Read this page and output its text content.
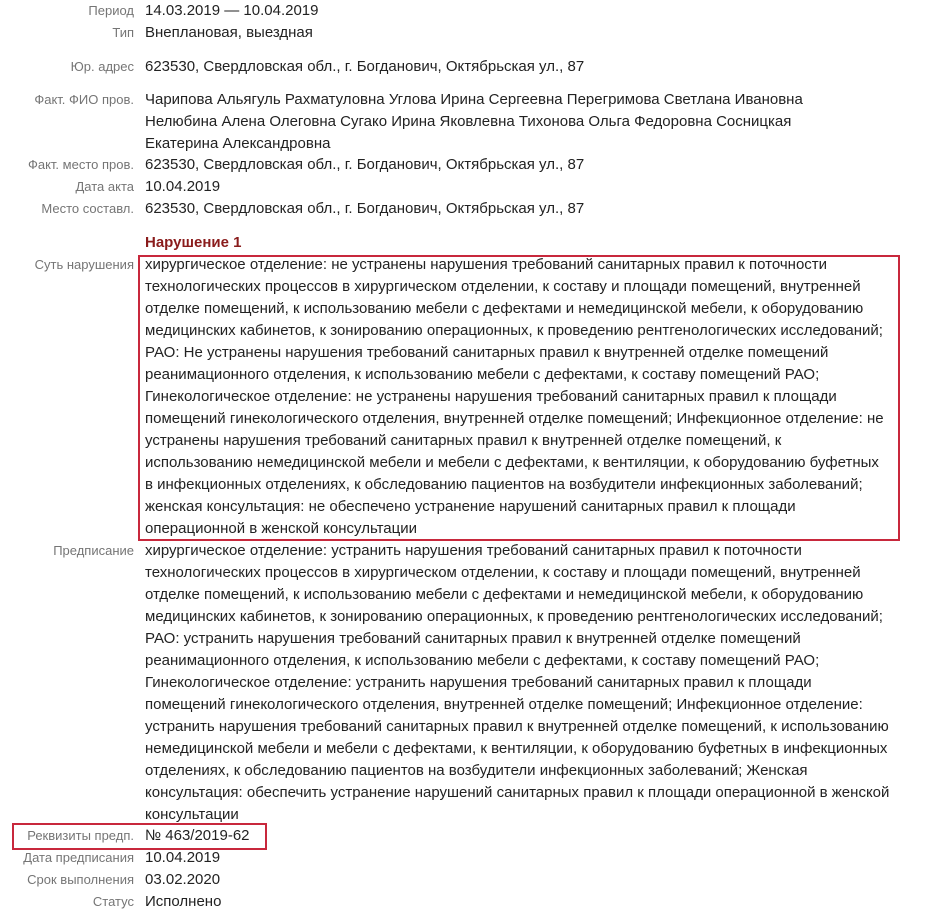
Период 14.03.2019 — 10.04.2019
Тип Внеплановая, выездная
Юр. адрес 623530, Свердловская обл., г. Богданович, Октябрьская ул., 87
Факт. ФИО пров. Чарипова Альягуль Рахматуловна Углова Ирина Сергеевна Перегримова Светлана Ивановна Нелюбина Алена Олеговна Сугако Ирина Яковлевна Тихонова Ольга Федоровна Сосницкая Екатерина Александровна
Факт. место пров. 623530, Свердловская обл., г. Богданович, Октябрьская ул., 87
Дата акта 10.04.2019
Место составл. 623530, Свердловская обл., г. Богданович, Октябрьская ул., 87
Нарушение 1
Суть нарушения хирургическое отделение: не устранены нарушения требований санитарных правил к поточности технологических процессов в хирургическом отделении, к составу и площади помещений, внутренней отделке помещений, к использованию мебели с дефектами и немедицинской мебели, к оборудованию медицинских кабинетов, к зонированию операционных, к проведению рентгенологических исследований; РАО: Не устранены нарушения требований санитарных правил к внутренней отделке помещений реанимационного отделения, к использованию мебели с дефектами, к составу помещений РАО; Гинекологическое отделение: не устранены нарушения требований санитарных правил к площади помещений гинекологического отделения, внутренней отделке помещений; Инфекционное отделение: не устранены нарушения требований санитарных правил к внутренней отделке помещений, к использованию немедицинской мебели и мебели с дефектами, к вентиляции, к оборудованию буфетных в инфекционных отделениях, к обследованию пациентов на возбудители инфекционных заболеваний; женская консультация: не обеспечено устранение нарушений санитарных правил к площади операционной в женской консультации
Предписание хирургическое отделение: устранить нарушения требований санитарных правил к поточности технологических процессов в хирургическом отделении, к составу и площади помещений, внутренней отделке помещений, к использованию мебели с дефектами и немедицинской мебели, к оборудованию медицинских кабинетов, к зонированию операционных, к проведению рентгенологических исследований; РАО: устранить нарушения требований санитарных правил к внутренней отделке помещений реанимационного отделения, к использованию мебели с дефектами, к составу помещений РАО; Гинекологическое отделение: устранить нарушения требований санитарных правил к площади помещений гинекологического отделения, внутренней отделке помещений; Инфекционное отделение: устранить нарушения требований санитарных правил к внутренней отделке помещений, к использованию немедицинской мебели и мебели с дефектами, к вентиляции, к оборудованию буфетных в инфекционных отделениях, к обследованию пациентов на возбудители инфекционных заболеваний; Женская консультация: обеспечить устранение нарушений санитарных правил к площади операционной в женской консультации
Реквизиты предп. № 463/2019-62
Дата предписания 10.04.2019
Срок выполнения 03.02.2020
Статус Исполнено
